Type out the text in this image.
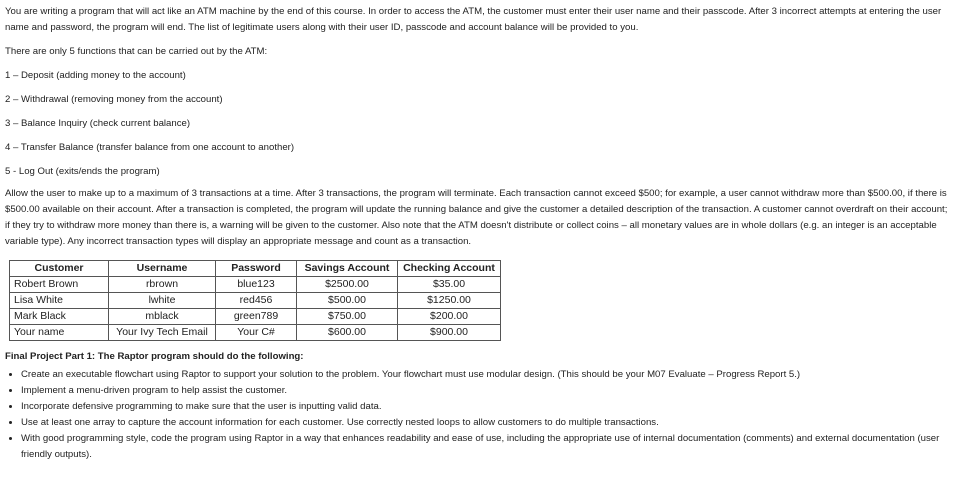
You are writing a program that will act like an ATM machine by the end of this course. In order to access the ATM, the customer must enter their user name and their passcode. After 3 incorrect attempts at entering the user name and password, the program will end. The list of legitimate users along with their user ID, passcode and account balance will be provided to you.

There are only 5 functions that can be carried out by the ATM:

1 – Deposit (adding money to the account)

2 – Withdrawal (removing money from the account)

3 – Balance Inquiry (check current balance)

4 – Transfer Balance (transfer balance from one account to another)

5 - Log Out (exits/ends the program)

Allow the user to make up to a maximum of 3 transactions at a time. After 3 transactions, the program will terminate. Each transaction cannot exceed $500; for example, a user cannot withdraw more than $500.00, if there is $500.00 available on their account. After a transaction is completed, the program will update the running balance and give the customer a detailed description of the transaction. A customer cannot overdraft on their account; if they try to withdraw more money than there is, a warning will be given to the customer. Also note that the ATM doesn't distribute or collect coins – all monetary values are in whole dollars (e.g. an integer is an acceptable variable type). Any incorrect transaction types will display an appropriate message and count as a transaction.

Customer	Username	Password	Savings Account	Checking Account
Robert Brown	rbrown	blue123	$2500.00	$35.00
Lisa White	lwhite	red456	$500.00	$1250.00
Mark Black	mblack	green789	$750.00	$200.00
Your name	Your Ivy Tech Email	Your C#	$600.00	$900.00

Final Project Part 1: The Raptor program should do the following:

• Create an executable flowchart using Raptor to support your solution to the problem. Your flowchart must use modular design. (This should be your M07 Evaluate – Progress Report 5.)
• Implement a menu-driven program to help assist the customer.
• Incorporate defensive programming to make sure that the user is inputting valid data.
• Use at least one array to capture the account information for each customer. Use correctly nested loops to allow customers to do multiple transactions.
• With good programming style, code the program using Raptor in a way that enhances readability and ease of use, including the appropriate use of internal documentation (comments) and external documentation (user friendly outputs).
